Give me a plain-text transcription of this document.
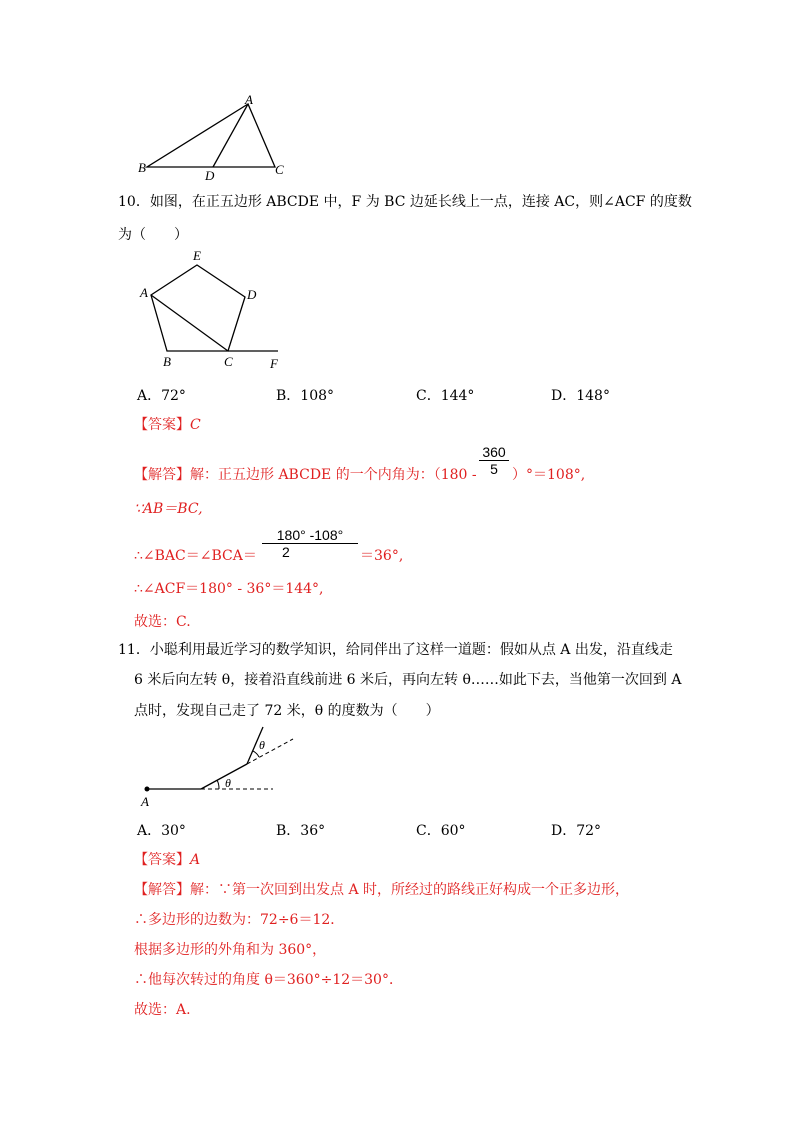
A
B
D	C
10．如图，在正五边形 ABCDE 中，F 为 BC 边延长线上一点，连接 AC，则∠ACF 的度数
为（　　）
E
A	D
B	C	F
A．72°	B．108°	C．144°	D．148°
【答案】C
【解答】解：正五边形 ABCDE 的一个内角为：（180 -
360
5	）°＝108°,
∵AB＝BC,
∴∠BAC＝∠BCA＝
180° -108°
2	＝36°,
∴∠ACF＝180° - 36°＝144°,
故选：C.
11．小聪利用最近学习的数学知识，给同伴出了这样一道题：假如从点 A 出发，沿直线走
6 米后向左转 θ，接着沿直线前进 6 米后，再向左转 θ……如此下去，当他第一次回到 A
点时，发现自己走了 72 米，θ 的度数为（　　）
θ
θ
A
A．30°	B．36°	C．60°	D．72°
【答案】A
【解答】解：∵第一次回到出发点 A 时，所经过的路线正好构成一个正多边形，
∴多边形的边数为：72÷6＝12．
根据多边形的外角和为 360°，
∴他每次转过的角度 θ＝360°÷12＝30°．
故选：A.
